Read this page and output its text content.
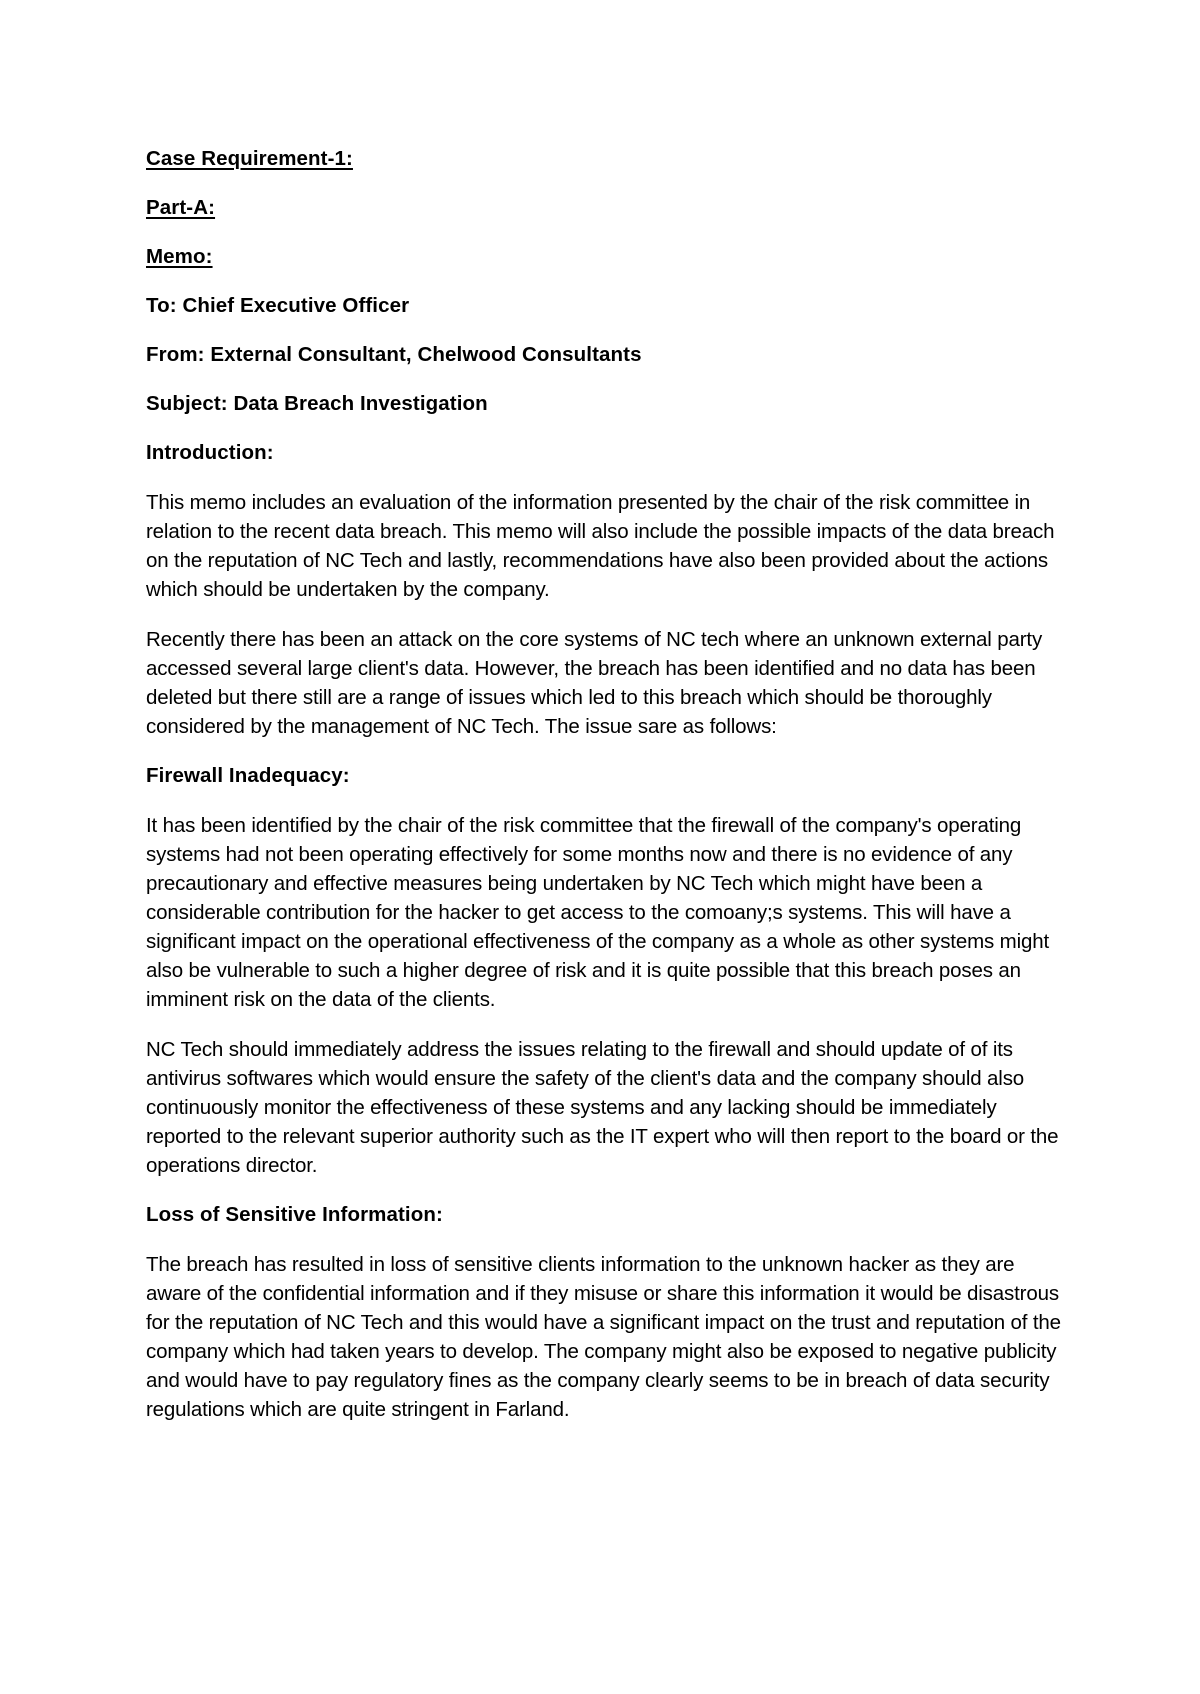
Case Requirement-1:

Part-A:

Memo:

To: Chief Executive Officer

From: External Consultant, Chelwood Consultants

Subject: Data Breach Investigation

Introduction:

This memo includes an evaluation of the information presented by the chair of the risk committee in relation to the recent data breach. This memo will also include the possible impacts of the data breach on the reputation of NC Tech and lastly, recommendations have also been provided about the actions which should be undertaken by the company.

Recently there has been an attack on the core systems of NC tech where an unknown external party accessed several large client's data. However, the breach has been identified and no data has been deleted but there still are a range of issues which led to this breach which should be thoroughly considered by the management of NC Tech. The issue sare as follows:

Firewall Inadequacy:

It has been identified by the chair of the risk committee that the firewall of the company's operating systems had not been operating effectively for some months now and there is no evidence of any precautionary and effective measures being undertaken by NC Tech which might have been a considerable contribution for the hacker to get access to the comoany;s systems. This will have a significant impact on the operational effectiveness of the company as a whole as other systems might also be vulnerable to such a higher degree of risk and it is quite possible that this breach poses an imminent risk on the data of the clients.

NC Tech should immediately address the issues relating to the firewall and should update of of its antivirus softwares which would ensure the safety of the client's data and the company should also continuously monitor the effectiveness of these systems and any lacking should be immediately reported to the relevant superior authority such as the IT expert who will then report to the board or the operations director.

Loss of Sensitive Information:

The breach has resulted in loss of sensitive clients information to the unknown hacker as they are aware of the confidential information and if they misuse or share this information it would be disastrous for the reputation of NC Tech and this would have a significant impact on the trust and reputation of the company which had taken years to develop. The company might also be exposed to negative publicity and would have to pay regulatory fines as the company clearly seems to be in breach of data security regulations which are quite stringent in Farland.
